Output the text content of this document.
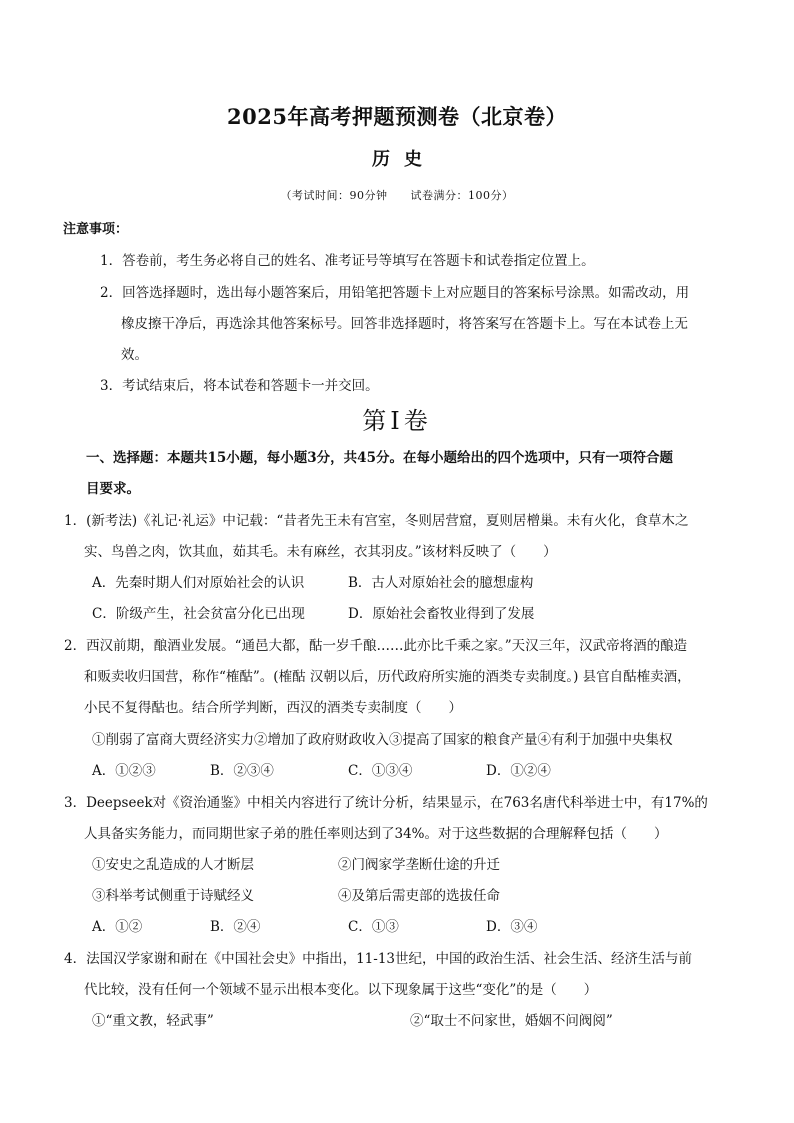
2025年高考押题预测卷（北京卷）
历史
（考试时间：90分钟　　试卷满分：100分）
注意事项：
1．答卷前，考生务必将自己的姓名、准考证号等填写在答题卡和试卷指定位置上。
2．回答选择题时，选出每小题答案后，用铅笔把答题卡上对应题目的答案标号涂黑。如需改动，用
橡皮擦干净后，再选涂其他答案标号。回答非选择题时，将答案写在答题卡上。写在本试卷上无
效。
3．考试结束后，将本试卷和答题卡一并交回。
第Ⅰ卷
一、选择题：本题共15小题，每小题3分，共45分。在每小题给出的四个选项中，只有一项符合题
目要求。
1．(新考法)《礼记·礼运》中记载：“昔者先王未有宫室，冬则居营窟，夏则居橧巢。未有火化，食草木之
实、鸟兽之肉，饮其血，茹其毛。未有麻丝，衣其羽皮。”该材料反映了（　　）
A．先秦时期人们对原始社会的认识	B．古人对原始社会的臆想虚构
C．阶级产生，社会贫富分化已出现	D．原始社会畜牧业得到了发展
2．西汉前期，酿酒业发展。“通邑大都，酤一岁千酿……此亦比千乘之家。”天汉三年，汉武帝将酒的酿造
和贩卖收归国营，称作“榷酤”。(榷酤 汉朝以后，历代政府所实施的酒类专卖制度。) 县官自酤榷卖酒，
小民不复得酤也。结合所学判断，西汉的酒类专卖制度（　　）
①削弱了富商大贾经济实力②增加了政府财政收入③提高了国家的粮食产量④有利于加强中央集权
A．①②③	B．②③④	C．①③④	D．①②④
3．Deepseek对《资治通鉴》中相关内容进行了统计分析，结果显示，在763名唐代科举进士中，有17%的
人具备实务能力，而同期世家子弟的胜任率则达到了34%。对于这些数据的合理解释包括（　　）
①安史之乱造成的人才断层	②门阀家学垄断仕途的升迁
③科举考试侧重于诗赋经义	④及第后需吏部的选拔任命
A．①②	B．②④	C．①③	D．③④
4．法国汉学家谢和耐在《中国社会史》中指出，11-13世纪，中国的政治生活、社会生活、经济生活与前
代比较，没有任何一个领域不显示出根本变化。以下现象属于这些“变化”的是（　　）
①“重文教，轻武事”	②“取士不问家世，婚姻不问阀阅”
